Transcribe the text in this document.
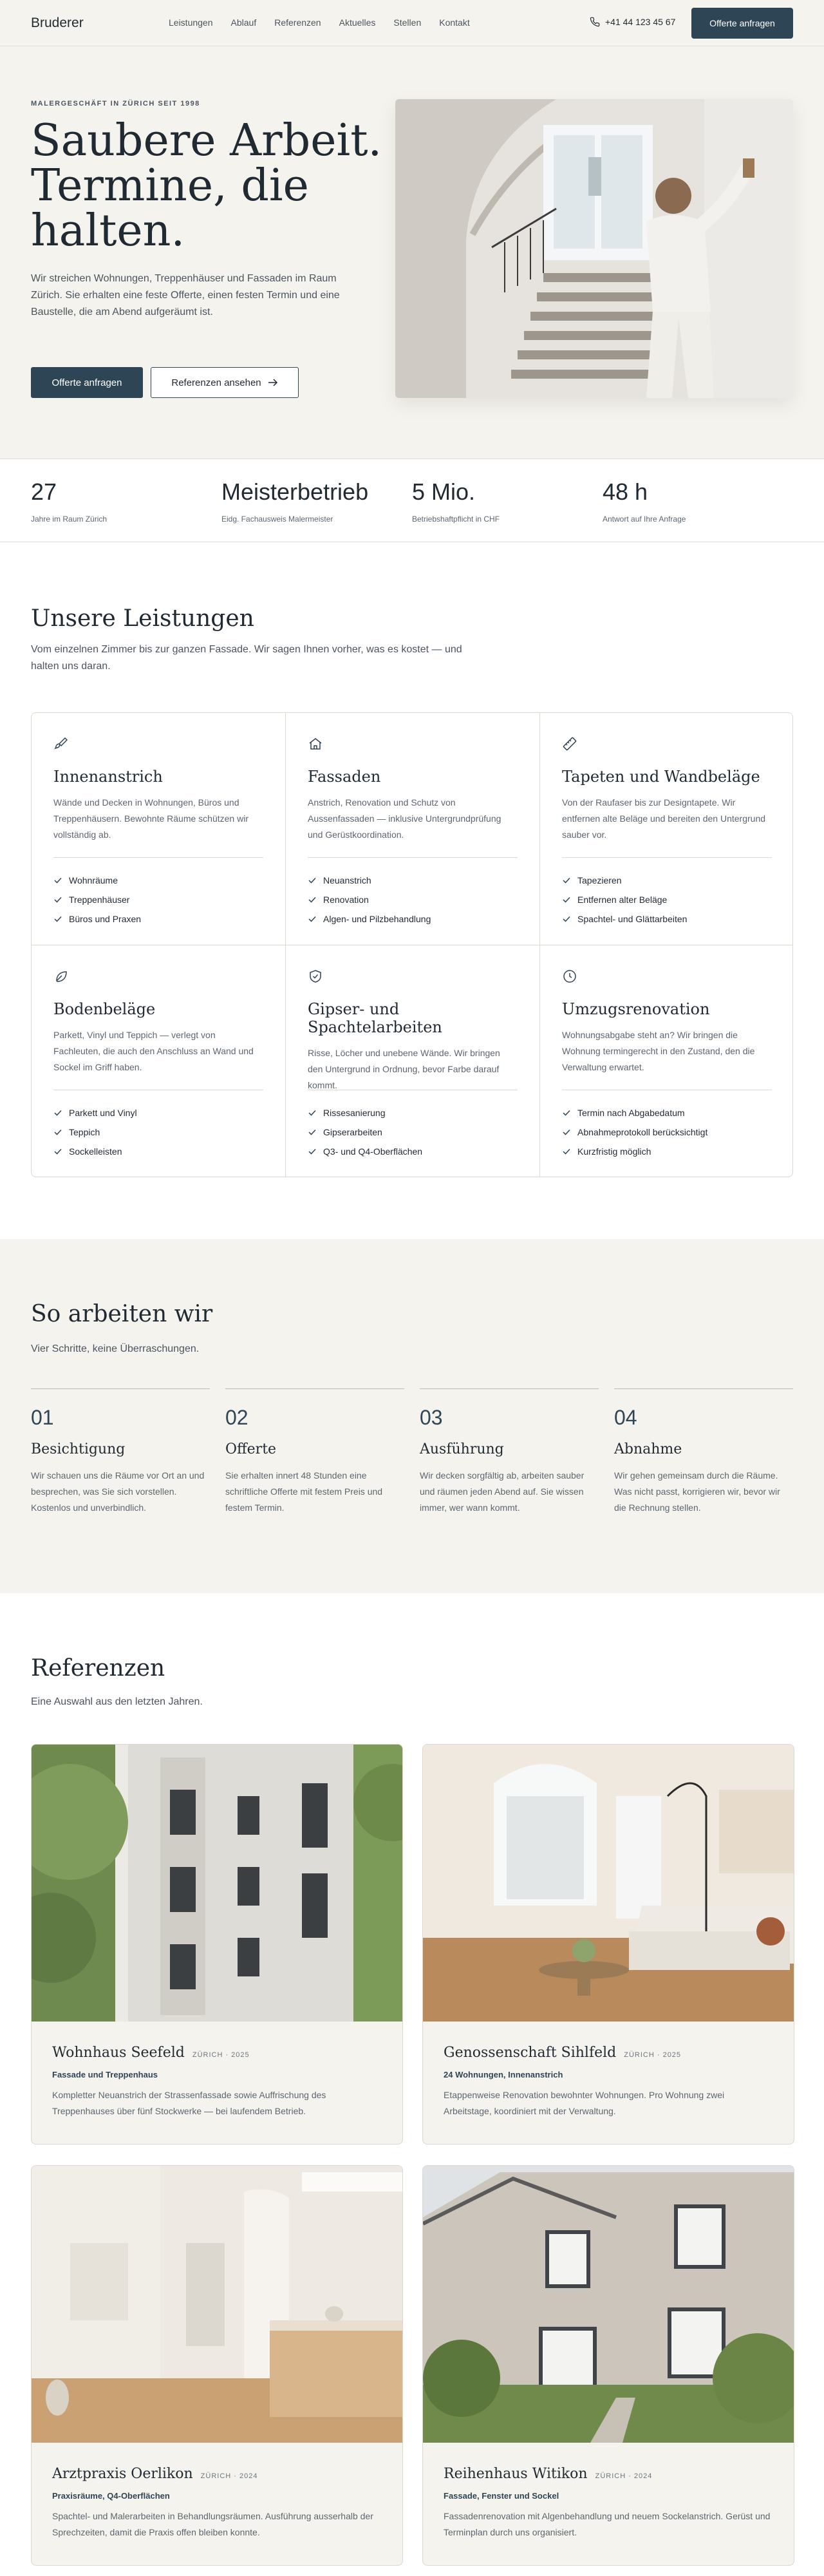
Bruderer	Leistungen Ablauf Referenzen Aktuelles Stellen Kontakt	+41 44 123 45 67	Offerte anfragen
MALERGESCHÄFT IN ZÜRICH SEIT 1998
Saubere Arbeit. Termine, die halten.

Wir streichen Wohnungen, Treppenhäuser und Fassaden im Raum Zürich. Sie erhalten eine feste Offerte, einen festen Termin und eine Baustelle, die am Abend aufgeräumt ist.

Offerte anfragen	Referenzen ansehen
27
Jahre im Raum Zürich
Meisterbetrieb
Eidg. Fachausweis Malermeister
5 Mio.
Betriebshaftpflicht in CHF
48 h
Antwort auf Ihre Anfrage
Unsere Leistungen

Vom einzelnen Zimmer bis zur ganzen Fassade. Wir sagen Ihnen vorher, was es kostet — und halten uns daran.

Innenanstrich
Wände und Decken in Wohnungen, Büros und Treppenhäusern. Bewohnte Räume schützen wir vollständig ab.
Wohnräume
Treppenhäuser
Büros und Praxen
Fassaden
Anstrich, Renovation und Schutz von Aussenfassaden — inklusive Untergrundprüfung und Gerüstkoordination.
Neuanstrich
Renovation
Algen- und Pilzbehandlung
Tapeten und Wandbeläge
Von der Raufaser bis zur Designtapete. Wir entfernen alte Beläge und bereiten den Untergrund sauber vor.
Tapezieren
Entfernen alter Beläge
Spachtel- und Glättarbeiten
Bodenbeläge
Parkett, Vinyl und Teppich — verlegt von Fachleuten, die auch den Anschluss an Wand und Sockel im Griff haben.
Parkett und Vinyl
Teppich
Sockelleisten
Gipser- und Spachtelarbeiten
Risse, Löcher und unebene Wände. Wir bringen den Untergrund in Ordnung, bevor Farbe darauf kommt.
Rissesanierung
Gipserarbeiten
Q3- und Q4-Oberflächen
Umzugsrenovation
Wohnungsabgabe steht an? Wir bringen die Wohnung termingerecht in den Zustand, den die Verwaltung erwartet.
Termin nach Abgabedatum
Abnahmeprotokoll berücksichtigt
Kurzfristig möglich
So arbeiten wir

Vier Schritte, keine Überraschungen.

01
Besichtigung
Wir schauen uns die Räume vor Ort an und besprechen, was Sie sich vorstellen. Kostenlos und unverbindlich.
02
Offerte
Sie erhalten innert 48 Stunden eine schriftliche Offerte mit festem Preis und festem Termin.
03
Ausführung
Wir decken sorgfältig ab, arbeiten sauber und räumen jeden Abend auf. Sie wissen immer, wer wann kommt.
04
Abnahme
Wir gehen gemeinsam durch die Räume. Was nicht passt, korrigieren wir, bevor wir die Rechnung stellen.
Referenzen

Eine Auswahl aus den letzten Jahren.

Wohnhaus Seefeld ZÜRICH · 2025
Fassade und Treppenhaus
Kompletter Neuanstrich der Strassenfassade sowie Auffrischung des Treppenhauses über fünf Stockwerke — bei laufendem Betrieb.
Genossenschaft Sihlfeld ZÜRICH · 2025
24 Wohnungen, Innenanstrich
Etappenweise Renovation bewohnter Wohnungen. Pro Wohnung zwei Arbeitstage, koordiniert mit der Verwaltung.
Arztpraxis Oerlikon ZÜRICH · 2024
Praxisräume, Q4-Oberflächen
Spachtel- und Malerarbeiten in Behandlungsräumen. Ausführung ausserhalb der Sprechzeiten, damit die Praxis offen bleiben konnte.
Reihenhaus Witikon ZÜRICH · 2024
Fassade, Fenster und Sockel
Fassadenrenovation mit Algenbehandlung und neuem Sockelanstrich. Gerüst und Terminplan durch uns organisiert.
